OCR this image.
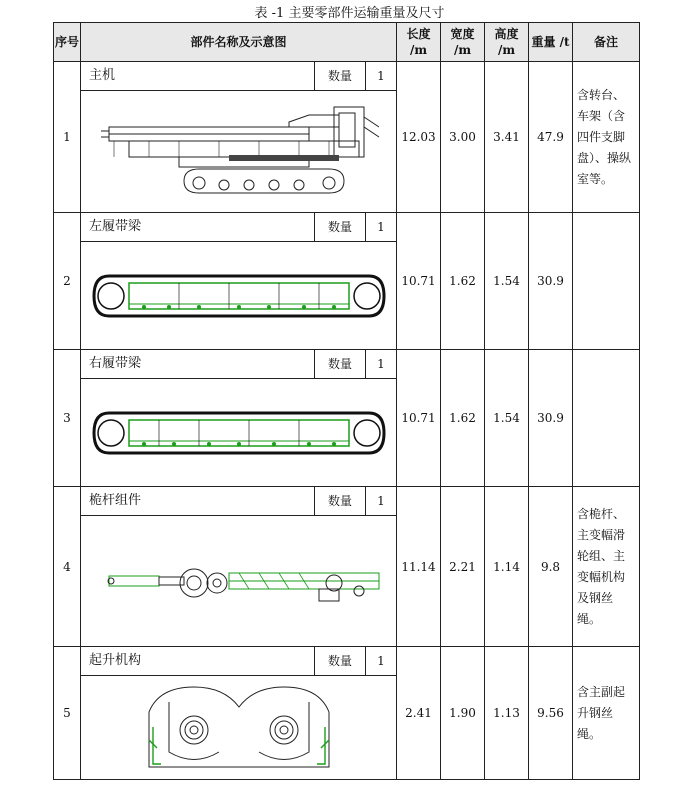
表 -1 主要零部件运输重量及尺寸
序号	部件名称及示意图	长度 /m	宽度 /m	高度 /m	重量 /t	备注
1	主机 数量 1	12.03	3.00	3.41	47.9	含转台、车架（含四件支脚盘）、操纵室等。
2	左履带梁 数量 1	10.71	1.62	1.54	30.9	
3	右履带梁 数量 1	10.71	1.62	1.54	30.9	
4	桅杆组件 数量 1	11.14	2.21	1.14	9.8	含桅杆、主变幅滑轮组、主变幅机构及钢丝绳。
5	起升机构 数量 1	2.41	1.90	1.13	9.56	含主副起升钢丝绳。
